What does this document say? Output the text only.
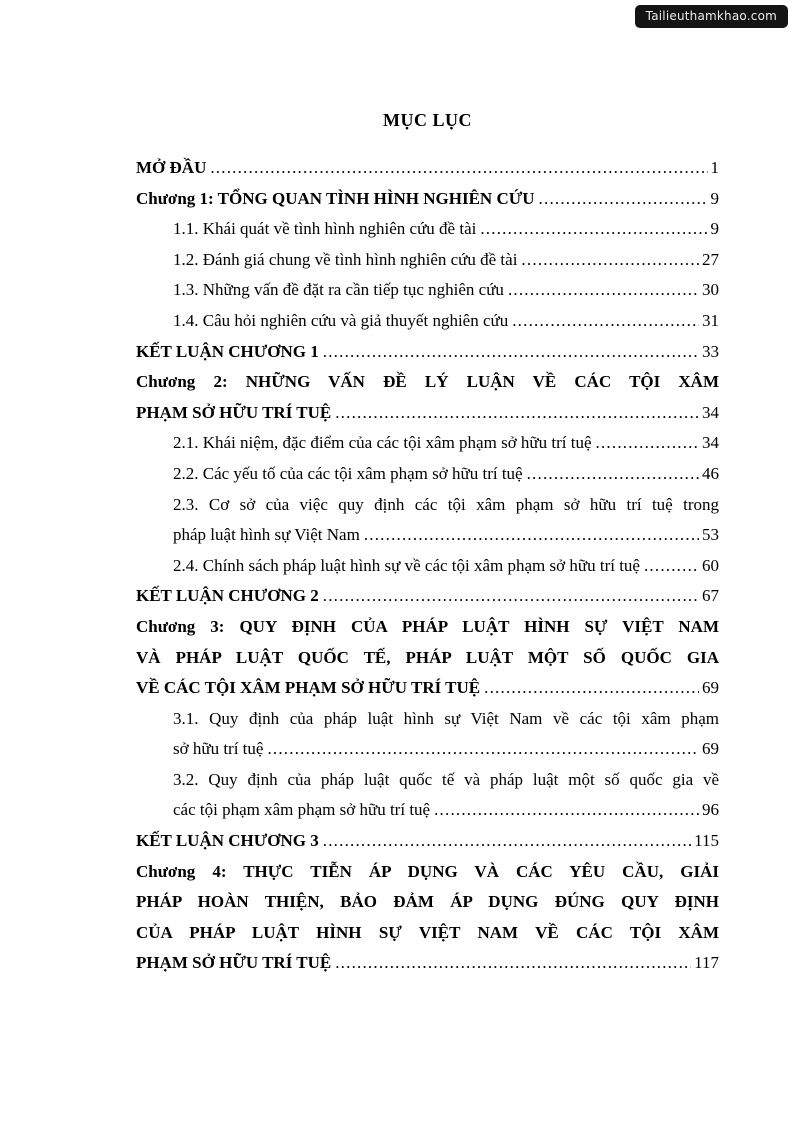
Tailieuthamkhao.com
MỤC LỤC
MỞ ĐẦU .....	1
Chương 1: TỔNG QUAN TÌNH HÌNH NGHIÊN CỨU .....	9
1.1. Khái quát về tình hình nghiên cứu đề tài .....	9
1.2. Đánh giá chung về tình hình nghiên cứu đề tài .....	27
1.3. Những vấn đề đặt ra cần tiếp tục nghiên cứu .....	30
1.4. Câu hỏi nghiên cứu và giả thuyết nghiên cứu .....	31
KẾT LUẬN CHƯƠNG 1 .....	33
Chương 2: NHỮNG VẤN ĐỀ LÝ LUẬN VỀ CÁC TỘI XÂM
PHẠM SỞ HỮU TRÍ TUỆ .....	34
2.1. Khái niệm, đặc điểm của các tội xâm phạm sở hữu trí tuệ .....	34
2.2. Các yếu tố của các tội xâm phạm sở hữu trí tuệ .....	46
2.3. Cơ sở của việc quy định các tội xâm phạm sở hữu trí tuệ trong
pháp luật hình sự Việt Nam .....	53
2.4. Chính sách pháp luật hình sự về các tội xâm phạm sở hữu trí tuệ .....	60
KẾT LUẬN CHƯƠNG 2 .....	67
Chương 3: QUY ĐỊNH CỦA PHÁP LUẬT HÌNH SỰ VIỆT NAM
VÀ PHÁP LUẬT QUỐC TẾ, PHÁP LUẬT MỘT SỐ QUỐC GIA
VỀ CÁC TỘI XÂM PHẠM SỞ HỮU TRÍ TUỆ .....	69
3.1. Quy định của pháp luật hình sự Việt Nam về các tội xâm phạm
sở hữu trí tuệ .....	69
3.2. Quy định của pháp luật quốc tế và pháp luật một số quốc gia về
các tội phạm xâm phạm sở hữu trí tuệ .....	96
KẾT LUẬN CHƯƠNG 3 .....	115
Chương 4: THỰC TIỄN ÁP DỤNG VÀ CÁC YÊU CẦU, GIẢI
PHÁP HOÀN THIỆN, BẢO ĐẢM ÁP DỤNG ĐÚNG QUY ĐỊNH
CỦA PHÁP LUẬT HÌNH SỰ VIỆT NAM VỀ CÁC TỘI XÂM
PHẠM SỞ HỮU TRÍ TUỆ .....	117
